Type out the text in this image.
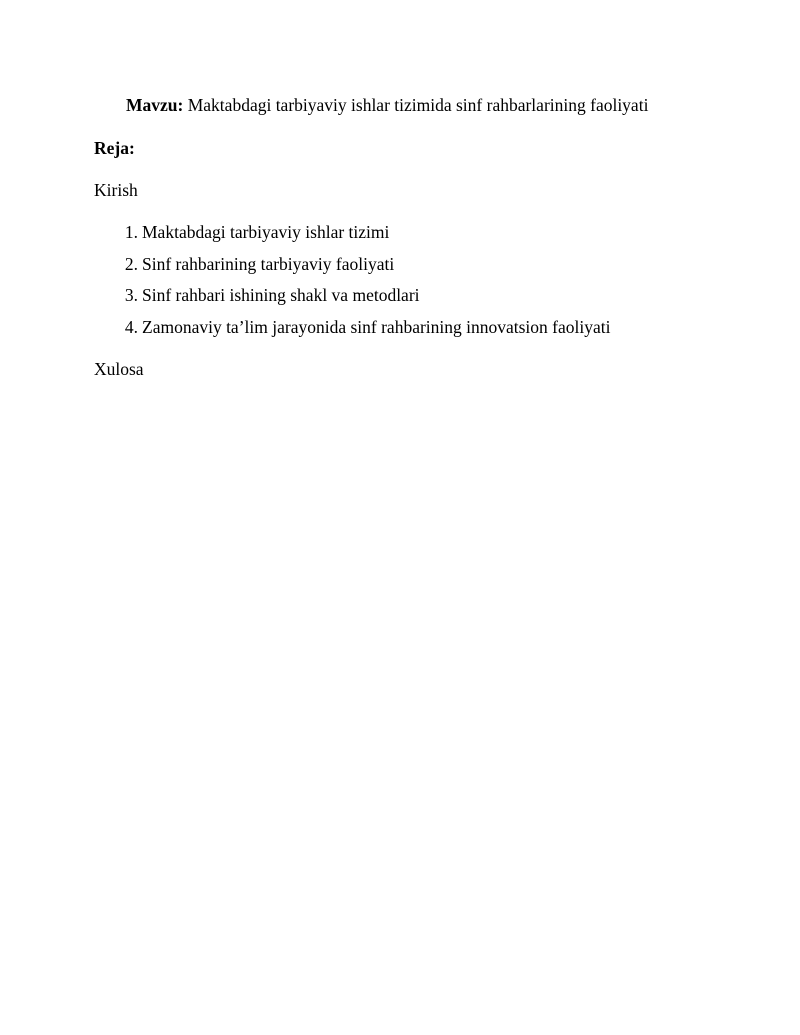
Mavzu: Maktabdagi tarbiyaviy ishlar tizimida sinf rahbarlarining faoliyati
Reja:
Kirish
1. Maktabdagi tarbiyaviy ishlar tizimi
2. Sinf rahbarining tarbiyaviy faoliyati
3. Sinf rahbari ishining shakl va metodlari
4. Zamonaviy ta’lim jarayonida sinf rahbarining innovatsion faoliyati
Xulosa
